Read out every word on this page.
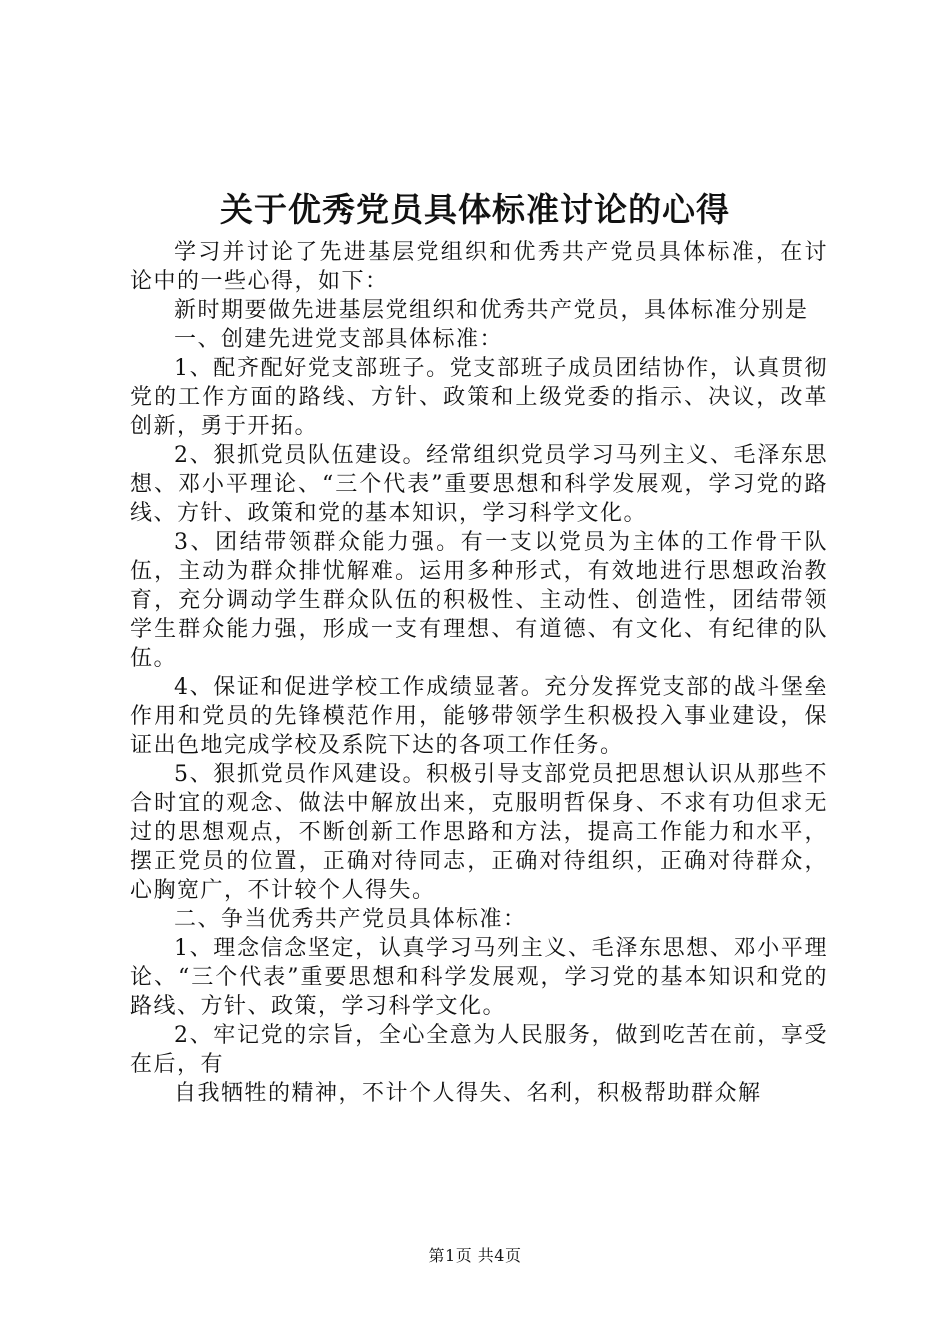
关于优秀党员具体标准讨论的心得

学习并讨论了先进基层党组织和优秀共产党员具体标准，在讨论中的一些心得，如下：

新时期要做先进基层党组织和优秀共产党员，具体标准分别是

一、创建先进党支部具体标准：

1、配齐配好党支部班子。党支部班子成员团结协作，认真贯彻党的工作方面的路线、方针、政策和上级党委的指示、决议，改革创新，勇于开拓。

2、狠抓党员队伍建设。经常组织党员学习马列主义、毛泽东思想、邓小平理论、“三个代表”重要思想和科学发展观，学习党的路线、方针、政策和党的基本知识，学习科学文化。

3、团结带领群众能力强。有一支以党员为主体的工作骨干队伍，主动为群众排忧解难。运用多种形式，有效地进行思想政治教育，充分调动学生群众队伍的积极性、主动性、创造性，团结带领学生群众能力强，形成一支有理想、有道德、有文化、有纪律的队伍。

4、保证和促进学校工作成绩显著。充分发挥党支部的战斗堡垒作用和党员的先锋模范作用，能够带领学生积极投入事业建设，保证出色地完成学校及系院下达的各项工作任务。

5、狠抓党员作风建设。积极引导支部党员把思想认识从那些不合时宜的观念、做法中解放出来，克服明哲保身、不求有功但求无过的思想观点，不断创新工作思路和方法，提高工作能力和水平，摆正党员的位置，正确对待同志，正确对待组织，正确对待群众，心胸宽广，不计较个人得失。

二、争当优秀共产党员具体标准：

1、理念信念坚定，认真学习马列主义、毛泽东思想、邓小平理论、“三个代表”重要思想和科学发展观，学习党的基本知识和党的路线、方针、政策，学习科学文化。

2、牢记党的宗旨，全心全意为人民服务，做到吃苦在前，享受在后，有

自我牺牲的精神，不计个人得失、名利，积极帮助群众解

第1页 共4页
